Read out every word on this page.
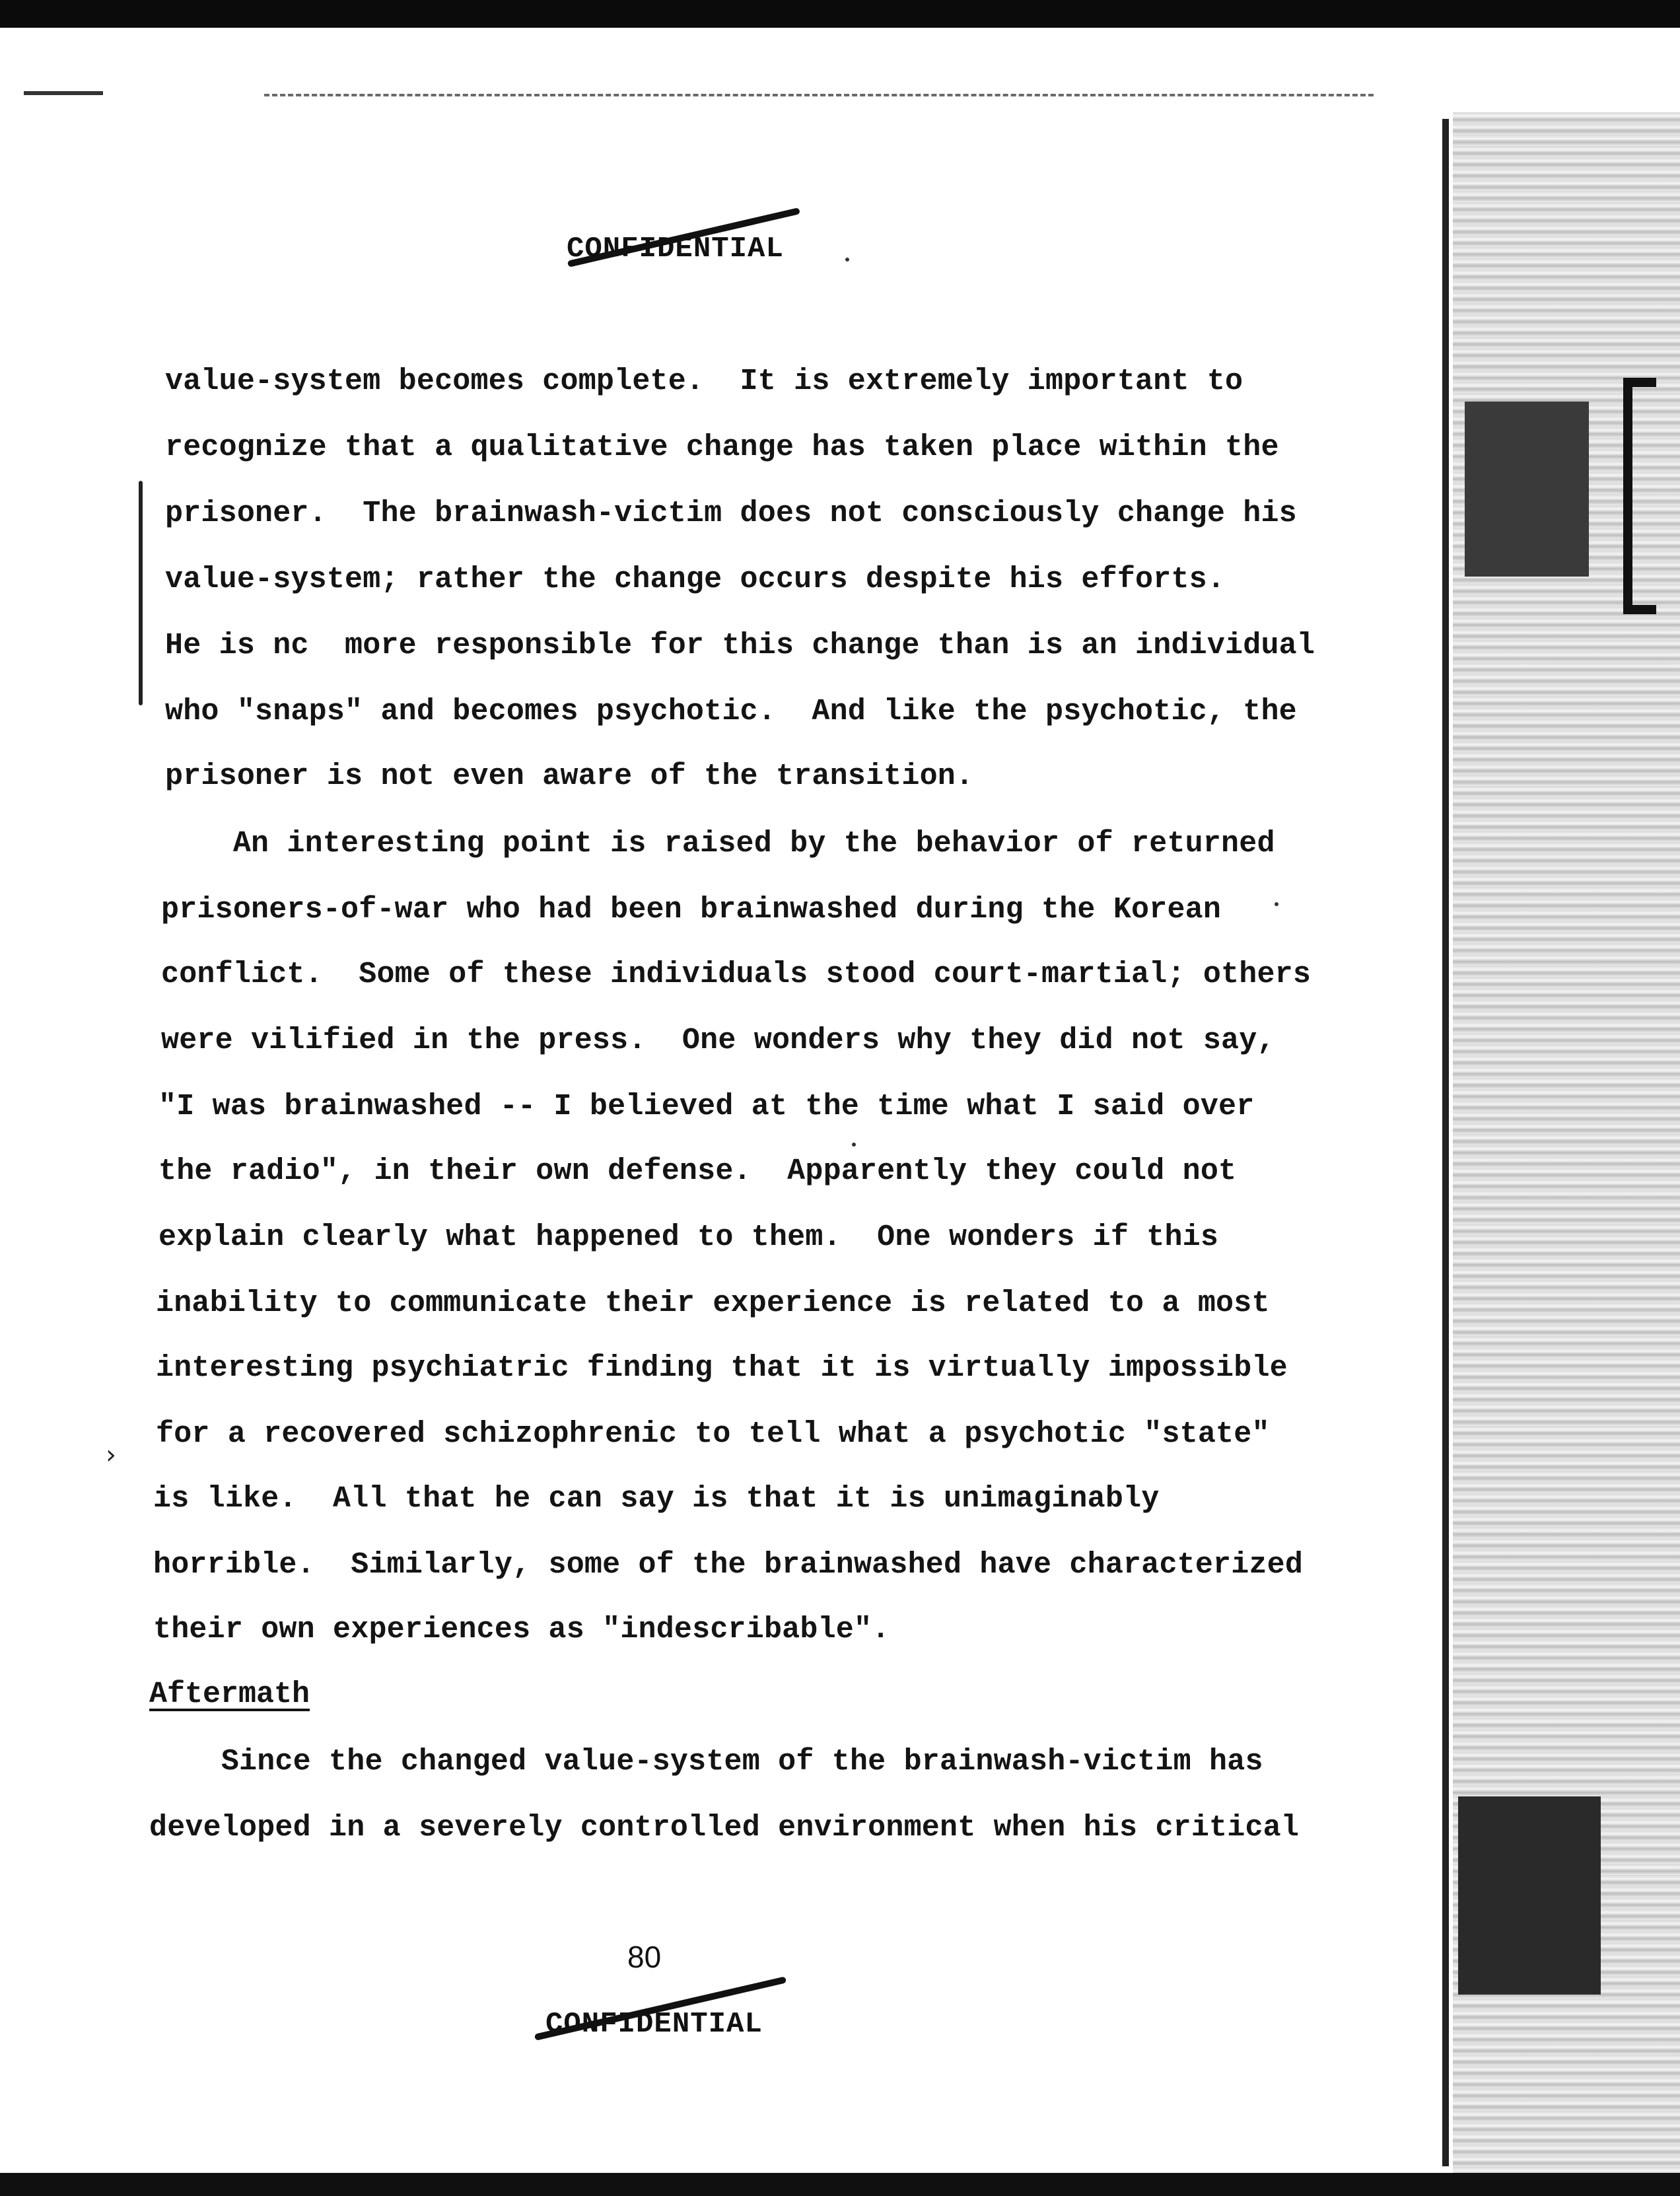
›
CONFIDENTIAL
value-system becomes complete.  It is extremely important to
recognize that a qualitative change has taken place within the
prisoner.  The brainwash-victim does not consciously change his
value-system; rather the change occurs despite his efforts.
He is nc  more responsible for this change than is an individual
who "snaps" and becomes psychotic.  And like the psychotic, the
prisoner is not even aware of the transition.
An interesting point is raised by the behavior of returned
prisoners-of-war who had been brainwashed during the Korean
conflict.  Some of these individuals stood court-martial; others
were vilified in the press.  One wonders why they did not say,
"I was brainwashed -- I believed at the time what I said over
the radio", in their own defense.  Apparently they could not
explain clearly what happened to them.  One wonders if this
inability to communicate their experience is related to a most
interesting psychiatric finding that it is virtually impossible
for a recovered schizophrenic to tell what a psychotic "state"
is like.  All that he can say is that it is unimaginably
horrible.  Similarly, some of the brainwashed have characterized
their own experiences as "indescribable".
Aftermath
Since the changed value-system of the brainwash-victim has
developed in a severely controlled environment when his critical
80
CONFIDENTIAL
